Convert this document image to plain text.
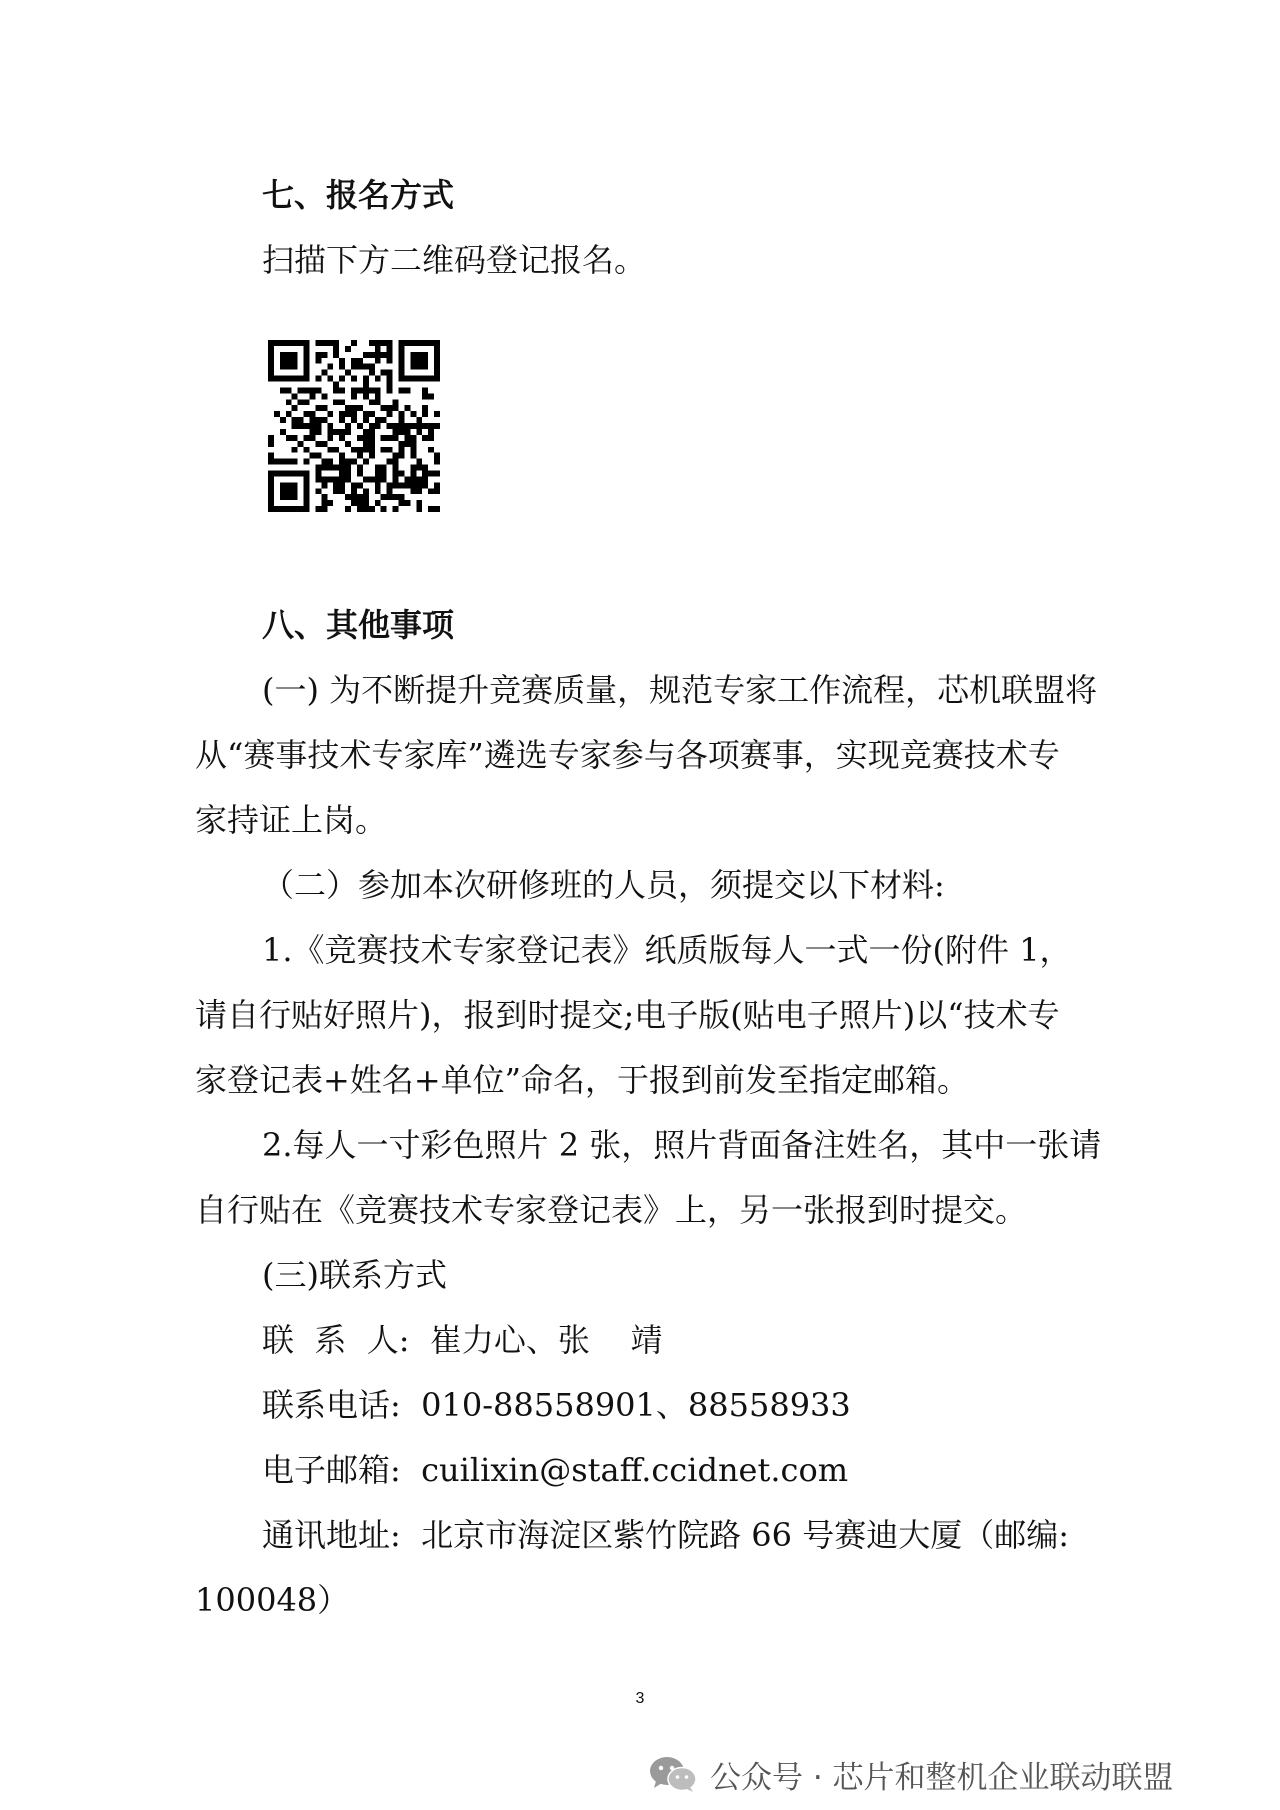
七、报名方式
扫描下方二维码登记报名。
八、其他事项
(一) 为不断提升竞赛质量，规范专家工作流程，芯机联盟将
从“赛事技术专家库”遴选专家参与各项赛事，实现竞赛技术专
家持证上岗。
（二）参加本次研修班的人员，须提交以下材料:
1.《竞赛技术专家登记表》纸质版每人一式一份(附件 1，
请自行贴好照片)，报到时提交;电子版(贴电子照片)以“技术专
家登记表+姓名+单位”命名，于报到前发至指定邮箱。
2.每人一寸彩色照片 2 张，照片背面备注姓名，其中一张请
自行贴在《竞赛技术专家登记表》上，另一张报到时提交。
(三)联系方式
联  系  人:  崔力心、张    靖
联系电话:  010-88558901、88558933
电子邮箱:  cuilixin@staff.ccidnet.com
通讯地址:  北京市海淀区紫竹院路 66 号赛迪大厦（邮编:
100048）
3
公众号 · 芯片和整机企业联动联盟
